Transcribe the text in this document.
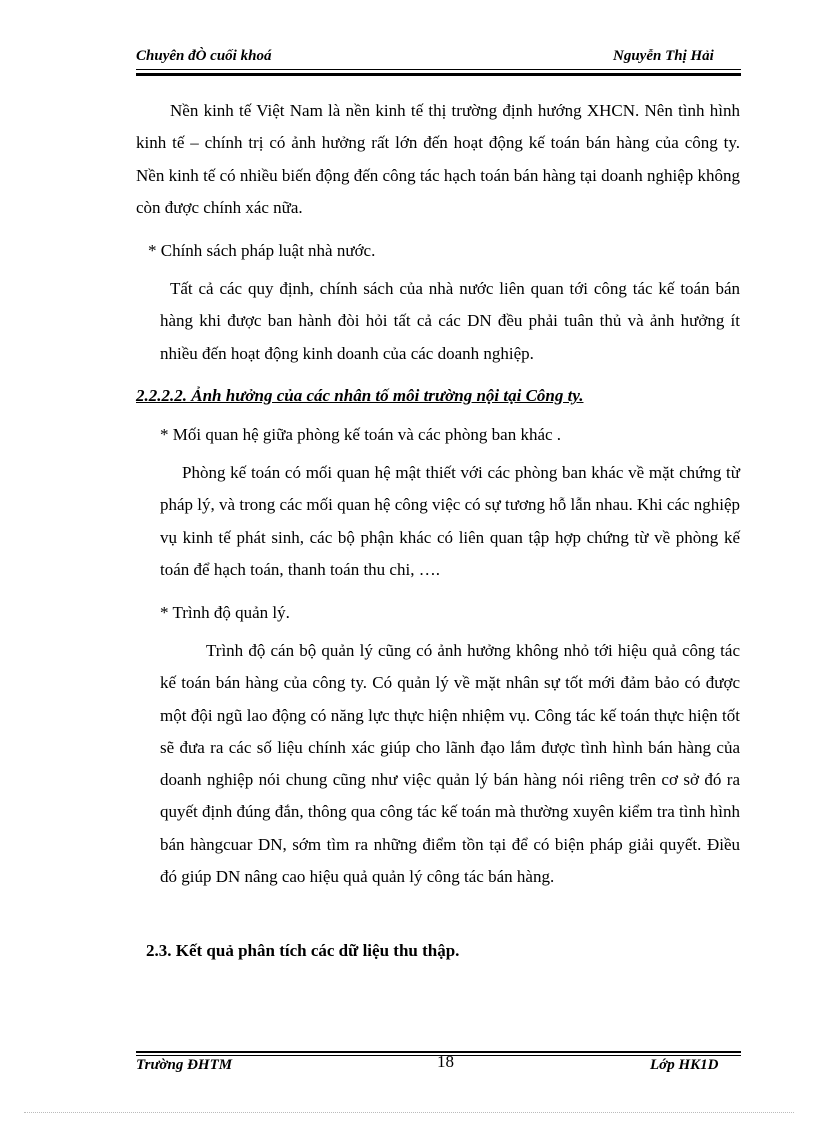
Chuyên đÒ cuối khoá	Nguyễn Thị Hải

Nền kinh tế Việt Nam là nền kinh tế thị trường định hướng XHCN. Nên tình hình kinh tế – chính trị có ảnh hưởng rất lớn đến hoạt động kế toán bán hàng của công ty. Nền kinh tế có nhiều biến động đến công tác hạch toán bán hàng tại doanh nghiệp không còn được chính xác nữa.

* Chính sách pháp luật nhà nước.

Tất cả các quy định, chính sách của nhà nước liên quan tới công tác kế toán bán hàng khi được ban hành đòi hỏi tất cả các DN đều phải tuân thủ và ảnh hưởng ít nhiều đến hoạt động kinh doanh của các doanh nghiệp.

2.2.2.2. Ảnh hưởng của các nhân tố môi trường nội tại Công ty.

* Mối quan hệ giữa phòng kế toán và các phòng ban khác .

Phòng kế toán có mối quan hệ mật thiết với các phòng ban khác về mặt chứng từ pháp lý, và trong các mối quan hệ công việc có sự tương hỗ lẫn nhau. Khi các nghiệp vụ kinh tế phát sinh, các bộ phận khác có liên quan tập hợp chứng từ về phòng kế toán để hạch toán, thanh toán thu chi, ….

* Trình độ quản lý.

Trình độ cán bộ quản lý cũng có ảnh hưởng không nhỏ tới hiệu quả công tác kế toán bán hàng của công ty. Có quản lý về mặt nhân sự tốt mới đảm bảo có được một đội ngũ lao động có năng lực thực hiện nhiệm vụ. Công tác kế toán thực hiện tốt sẽ đưa ra các số liệu chính xác giúp cho lãnh đạo lắm được tình hình bán hàng của doanh nghiệp nói chung cũng như việc quản lý bán hàng nói riêng trên cơ sở đó ra quyết định đúng đắn, thông qua công tác kế toán mà thường xuyên kiểm tra tình hình bán hàngcuar DN, sớm tìm ra những điểm tồn tại để có biện pháp giải quyết. Điều đó giúp DN nâng cao hiệu quả quản lý công tác bán hàng.

2.3. Kết quả phân tích các dữ liệu thu thập.

Trường ĐHTM	18	Lớp HK1D
